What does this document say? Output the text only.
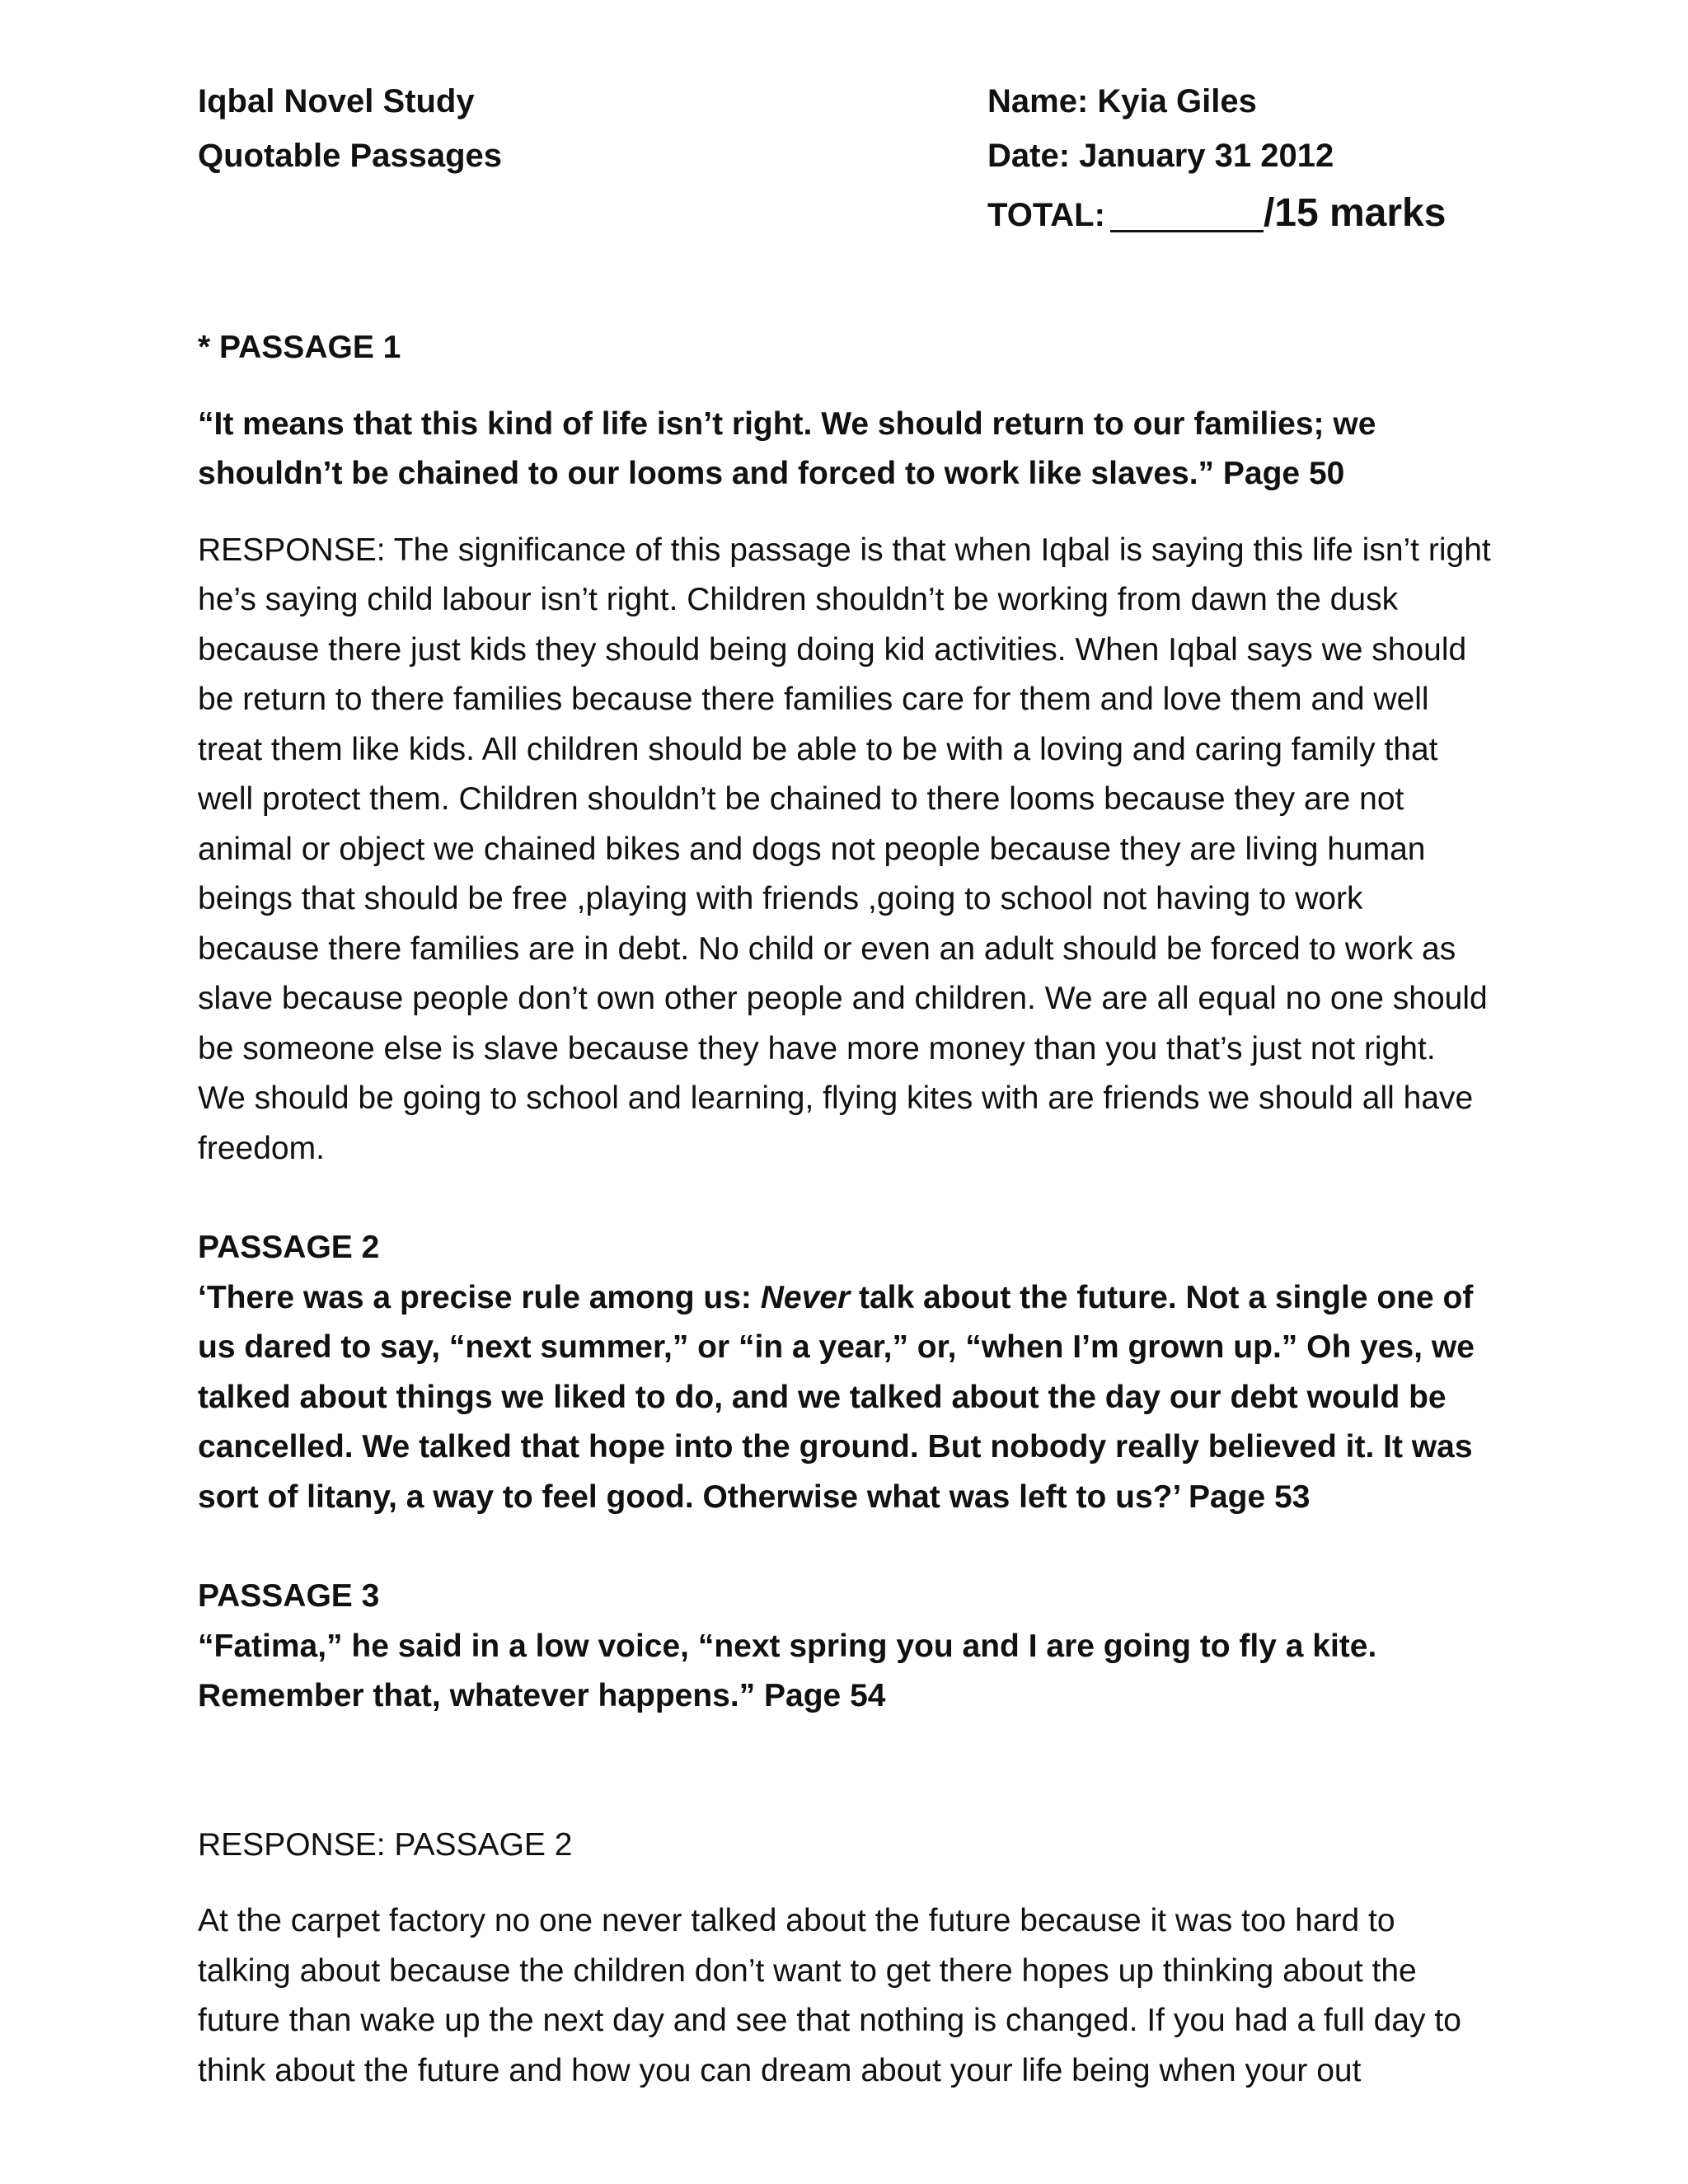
Iqbal Novel Study
Quotable Passages
Name: Kyia Giles
Date: January 31 2012
TOTAL:	/15 marks

* PASSAGE 1

“It means that this kind of life isn’t right. We should return to our families; we shouldn’t be chained to our looms and forced to work like slaves.” Page 50

RESPONSE: The significance of this passage is that when Iqbal is saying this life isn’t right he’s saying child labour isn’t right. Children shouldn’t be working from dawn the dusk because there just kids they should being doing kid activities. When Iqbal says we should be return to there families because there families care for them and love them and well treat them like kids. All children should be able to be with a loving and caring family that well protect them. Children shouldn’t be chained to there looms because they are not animal or object we chained bikes and dogs not people because they are living human beings that should be free ,playing with friends ,going to school not having to work because there families are in debt. No child or even an adult should be forced to work as slave because people don’t own other people and children. We are all equal no one should be someone else is slave because they have more money than you that’s just not right. We should be going to school and learning, flying kites with are friends we should all have freedom.

PASSAGE 2

‘There was a precise rule among us: Never talk about the future. Not a single one of us dared to say, “next summer,” or “in a year,” or, “when I’m grown up.” Oh yes, we talked about things we liked to do, and we talked about the day our debt would be cancelled. We talked that hope into the ground. But nobody really believed it. It was sort of litany, a way to feel good. Otherwise what was left to us?’ Page 53

PASSAGE 3

“Fatima,” he said in a low voice, “next spring you and I are going to fly a kite. Remember that, whatever happens.” Page 54

RESPONSE: PASSAGE 2

At the carpet factory no one never talked about the future because it was too hard to talking about because the children don’t want to get there hopes up thinking about the future than wake up the next day and see that nothing is changed. If you had a full day to think about the future and how you can dream about your life being when your out
